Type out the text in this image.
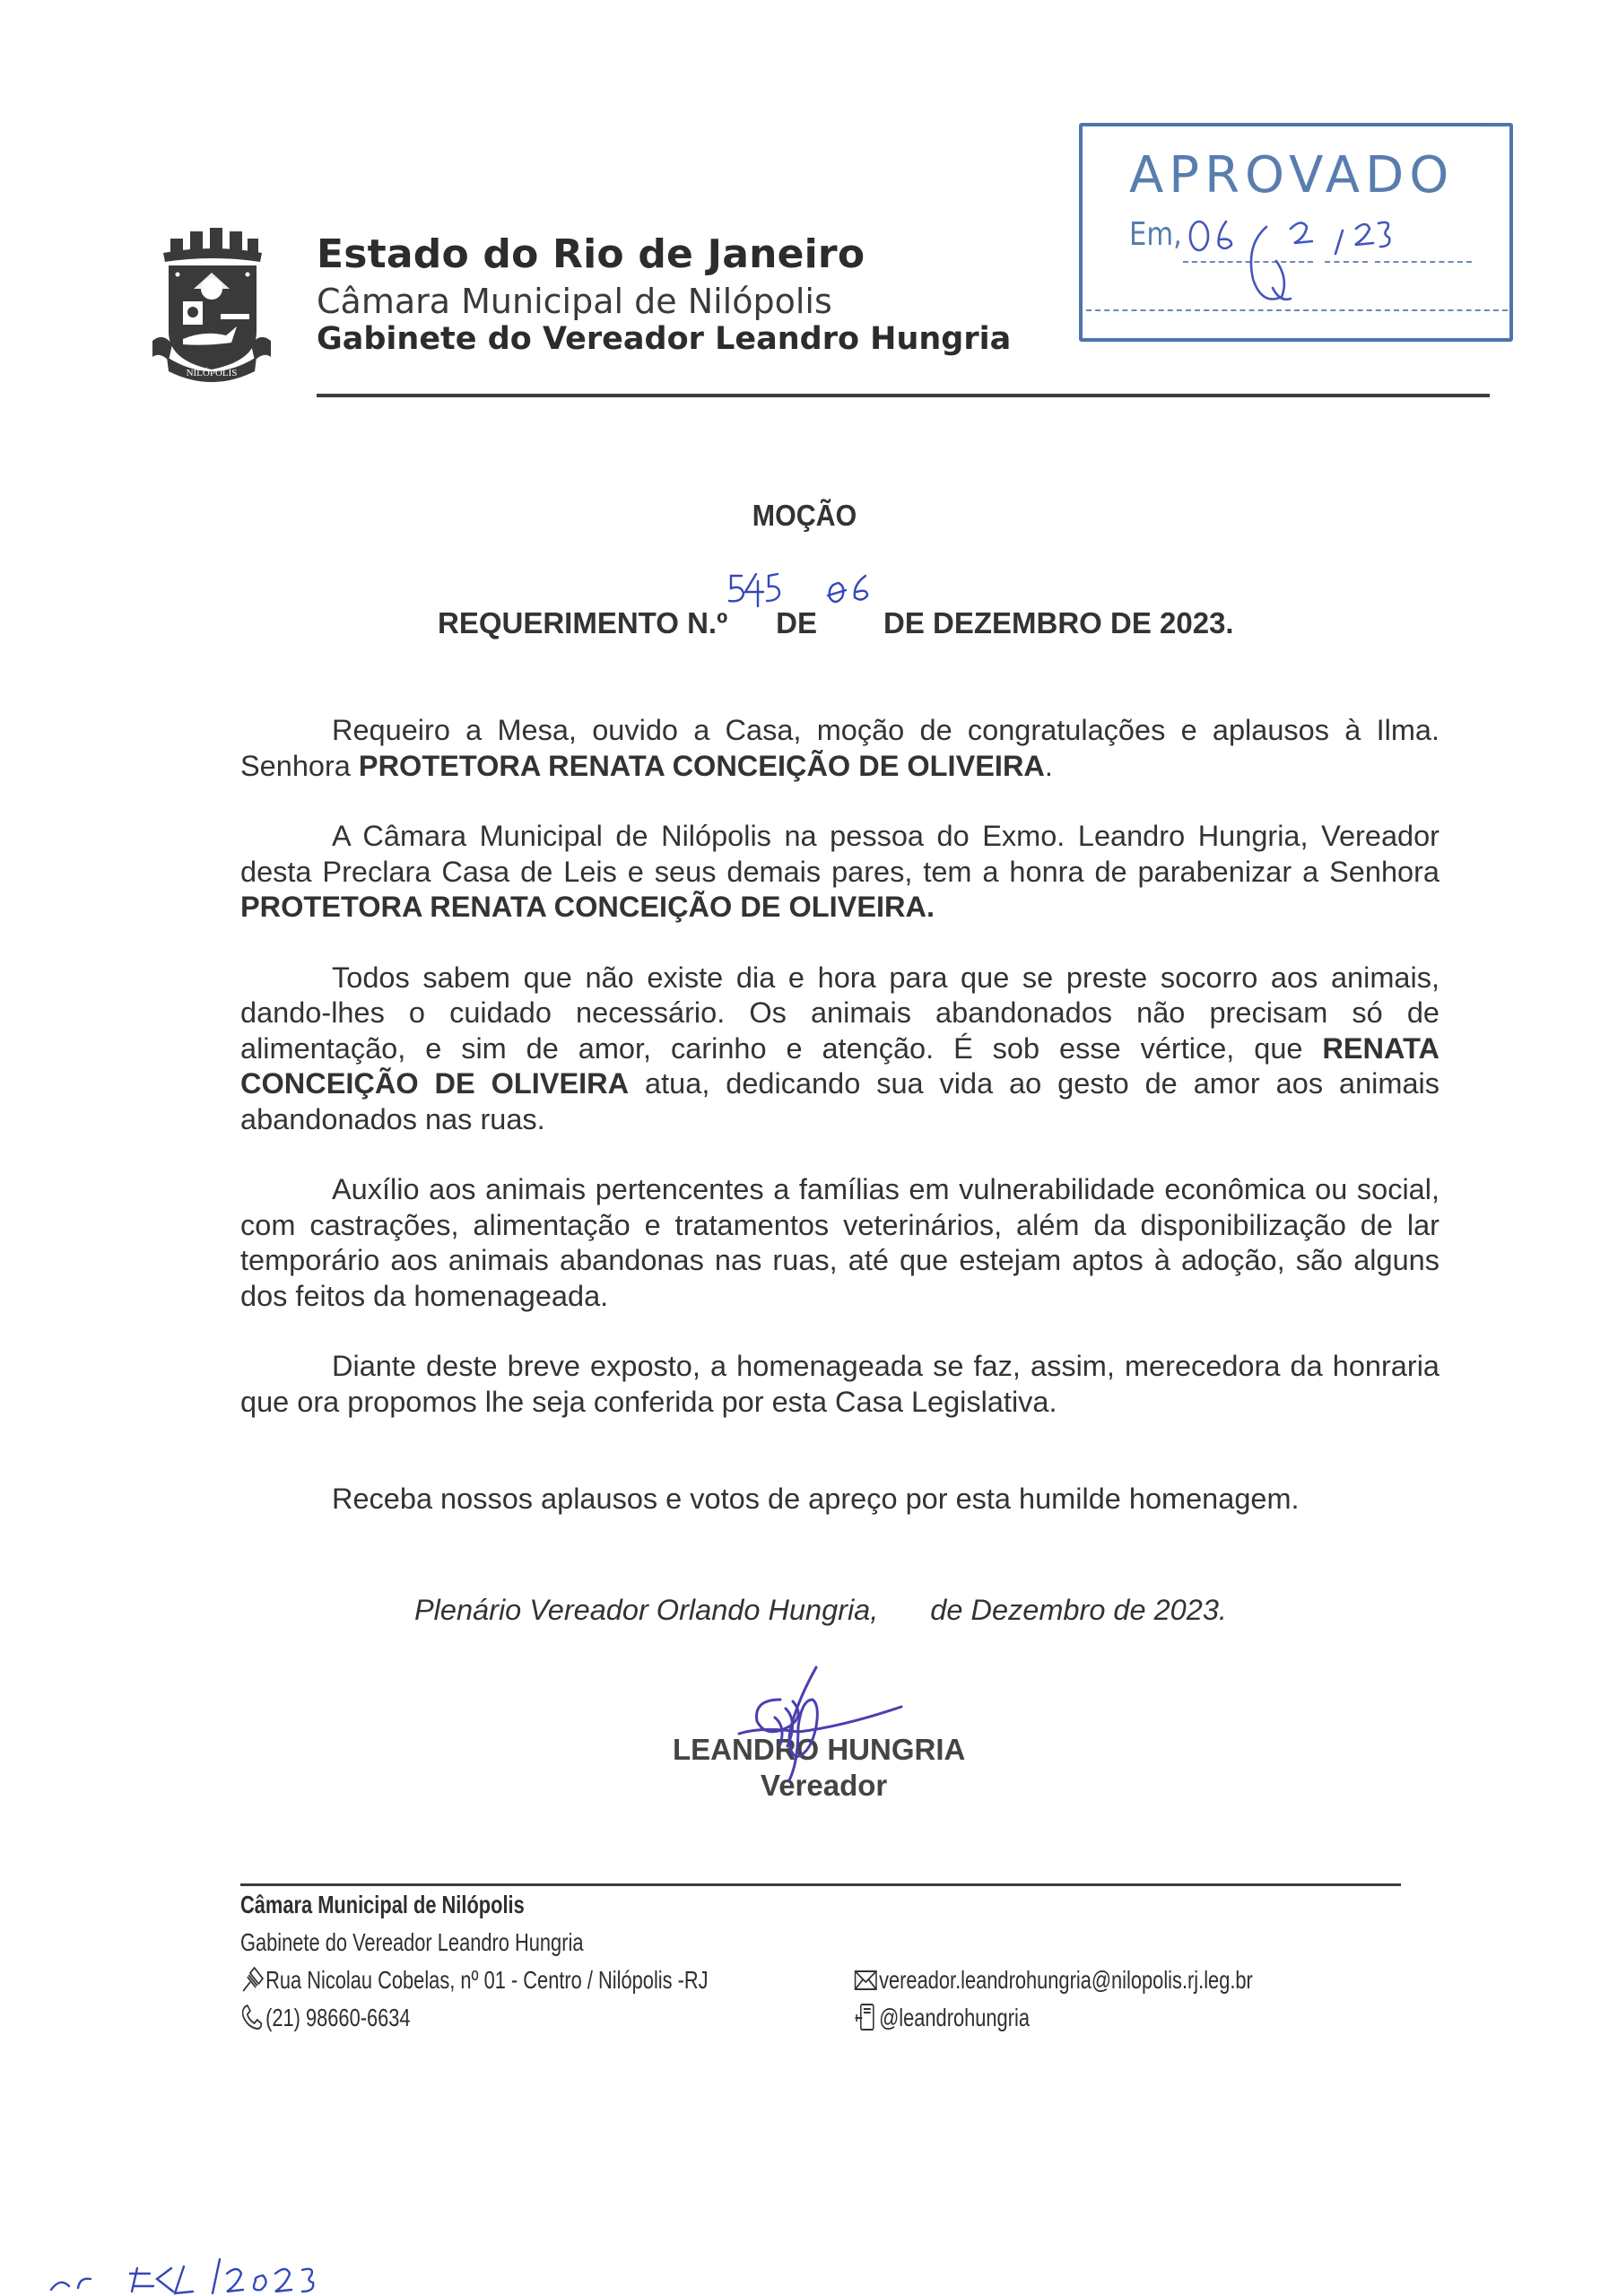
NILÓPOLIS
Estado do Rio de Janeiro
Câmara Municipal de Nilópolis
Gabinete do Vereador Leandro Hungria
APROVADO
Em,
MOÇÃO
REQUERIMENTO N.º DE DE DEZEMBRO DE 2023.

Requeiro a Mesa, ouvido a Casa, moção de congratulações e aplausos à Ilma. Senhora PROTETORA RENATA CONCEIÇÃO DE OLIVEIRA.

A Câmara Municipal de Nilópolis na pessoa do Exmo. Leandro Hungria, Vereador desta Preclara Casa de Leis e seus demais pares, tem a honra de parabenizar a Senhora PROTETORA RENATA CONCEIÇÃO DE OLIVEIRA.

Todos sabem que não existe dia e hora para que se preste socorro aos animais, dando-lhes o cuidado necessário. Os animais abandonados não precisam só de alimentação, e sim de amor, carinho e atenção. É sob esse vértice, que RENATA CONCEIÇÃO DE OLIVEIRA atua, dedicando sua vida ao gesto de amor aos animais abandonados nas ruas.

Auxílio aos animais pertencentes a famílias em vulnerabilidade econômica ou social, com castrações, alimentação e tratamentos veterinários, além da disponibilização de lar temporário aos animais abandonas nas ruas, até que estejam aptos à adoção, são alguns dos feitos da homenageada.

Diante deste breve exposto, a homenageada se faz, assim, merecedora da honraria que ora propomos lhe seja conferida por esta Casa Legislativa.

Receba nossos aplausos e votos de apreço por esta humilde homenagem.
Plenário Vereador Orlando Hungria, de Dezembro de 2023.
LEANDRO HUNGRIA
Vereador
Câmara Municipal de Nilópolis
Gabinete do Vereador Leandro Hungria
Rua Nicolau Cobelas, nº 01 - Centro / Nilópolis -RJ
(21) 98660-6634
vereador.leandrohungria@nilopolis.rj.leg.br
@leandrohungria
